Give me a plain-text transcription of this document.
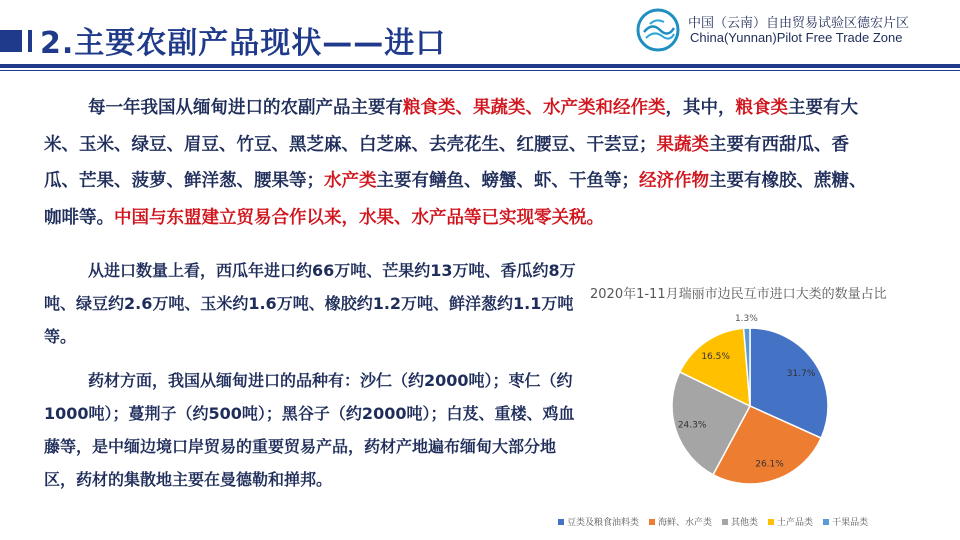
2.主要农副产品现状——进口
中国（云南）自由贸易试验区德宏片区
China(Yunnan)Pilot Free Trade Zone
每一年我国从缅甸进口的农副产品主要有粮食类、果蔬类、水产类和经作类，其中，粮食类主要有大米、玉米、绿豆、眉豆、竹豆、黑芝麻、白芝麻、去壳花生、红腰豆、干芸豆；果蔬类主要有西甜瓜、香瓜、芒果、菠萝、鲜洋葱、腰果等；水产类主要有鳝鱼、螃蟹、虾、干鱼等；经济作物主要有橡胶、蔗糖、咖啡等。中国与东盟建立贸易合作以来，水果、水产品等已实现零关税。
从进口数量上看，西瓜年进口约66万吨、芒果约13万吨、香瓜约8万吨、绿豆约2.6万吨、玉米约1.6万吨、橡胶约1.2万吨、鲜洋葱约1.1万吨等。
药材方面，我国从缅甸进口的品种有：沙仁（约2000吨）；枣仁（约1000吨）；蔓荆子（约500吨）；黑谷子（约2000吨）；白芨、重楼、鸡血藤等，是中缅边境口岸贸易的重要贸易产品，药材产地遍布缅甸大部分地区，药材的集散地主要在曼德勒和掸邦。
2020年1-11月瑞丽市边民互市进口大类的数量占比
31.7%
26.1%
24.3%
16.5%
1.3%
豆类及粮食油料类 海鲜、水产类 其他类 土产品类 干果品类
